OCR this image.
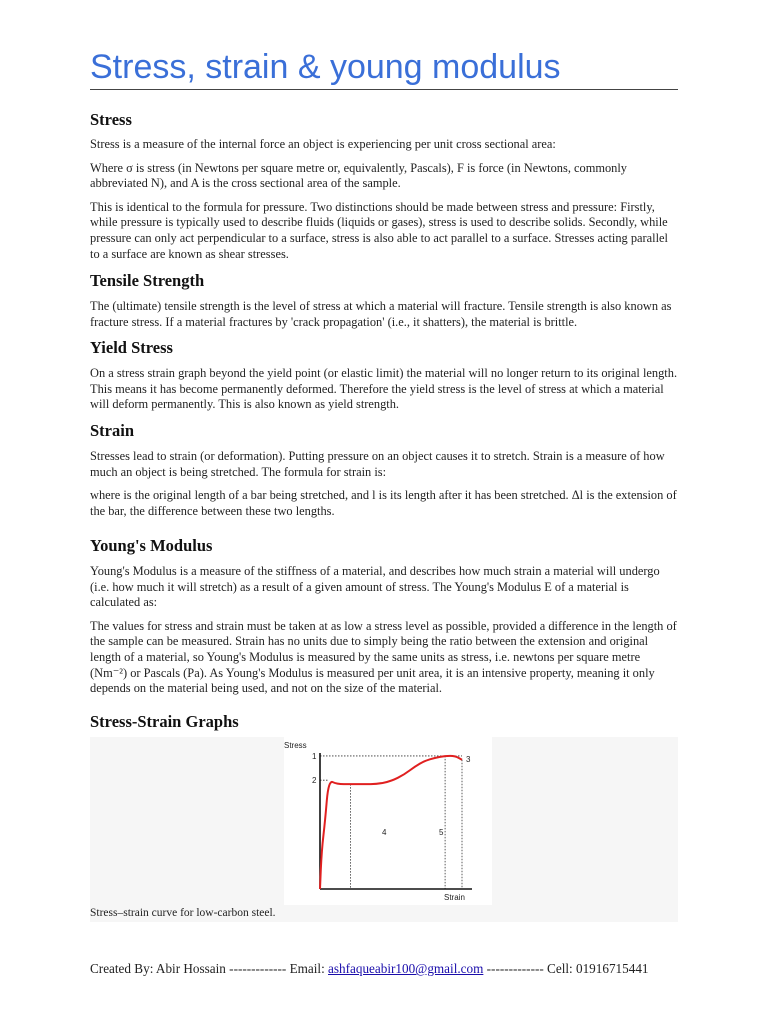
Stress, strain & young modulus
Stress

Stress is a measure of the internal force an object is experiencing per unit cross sectional area:

Where σ is stress (in Newtons per square metre or, equivalently, Pascals), F is force (in Newtons, commonly abbreviated N), and A is the cross sectional area of the sample.

This is identical to the formula for pressure. Two distinctions should be made between stress and pressure: Firstly, while pressure is typically used to describe fluids (liquids or gases), stress is used to describe solids. Secondly, while pressure can only act perpendicular to a surface, stress is also able to act parallel to a surface. Stresses acting parallel to a surface are known as shear stresses.

Tensile Strength

The (ultimate) tensile strength is the level of stress at which a material will fracture. Tensile strength is also known as fracture stress. If a material fractures by 'crack propagation' (i.e., it shatters), the material is brittle.

Yield Stress

On a stress strain graph beyond the yield point (or elastic limit) the material will no longer return to its original length. This means it has become permanently deformed. Therefore the yield stress is the level of stress at which a material will deform permanently. This is also known as yield strength.

Strain

Stresses lead to strain (or deformation). Putting pressure on an object causes it to stretch. Strain is a measure of how much an object is being stretched. The formula for strain is:

where is the original length of a bar being stretched, and l is its length after it has been stretched. Δl is the extension of the bar, the difference between these two lengths.

Young's Modulus

Young's Modulus is a measure of the stiffness of a material, and describes how much strain a material will undergo (i.e. how much it will stretch) as a result of a given amount of stress. The Young's Modulus E of a material is calculated as:

The values for stress and strain must be taken at as low a stress level as possible, provided a difference in the length of the sample can be measured. Strain has no units due to simply being the ratio between the extension and original length of a material, so Young's Modulus is measured by the same units as stress, i.e. newtons per square metre (Nm⁻²) or Pascals (Pa). As Young's Modulus is measured per unit area, it is an intensive property, meaning it only depends on the material being used, and not on the size of the material.

Stress-Strain Graphs
Stress
Strain
1
2
3
4	5
Stress–strain curve for low-carbon steel.
Created By: Abir Hossain ------------- Email: ashfaqueabir100@gmail.com ------------- Cell: 01916715441
